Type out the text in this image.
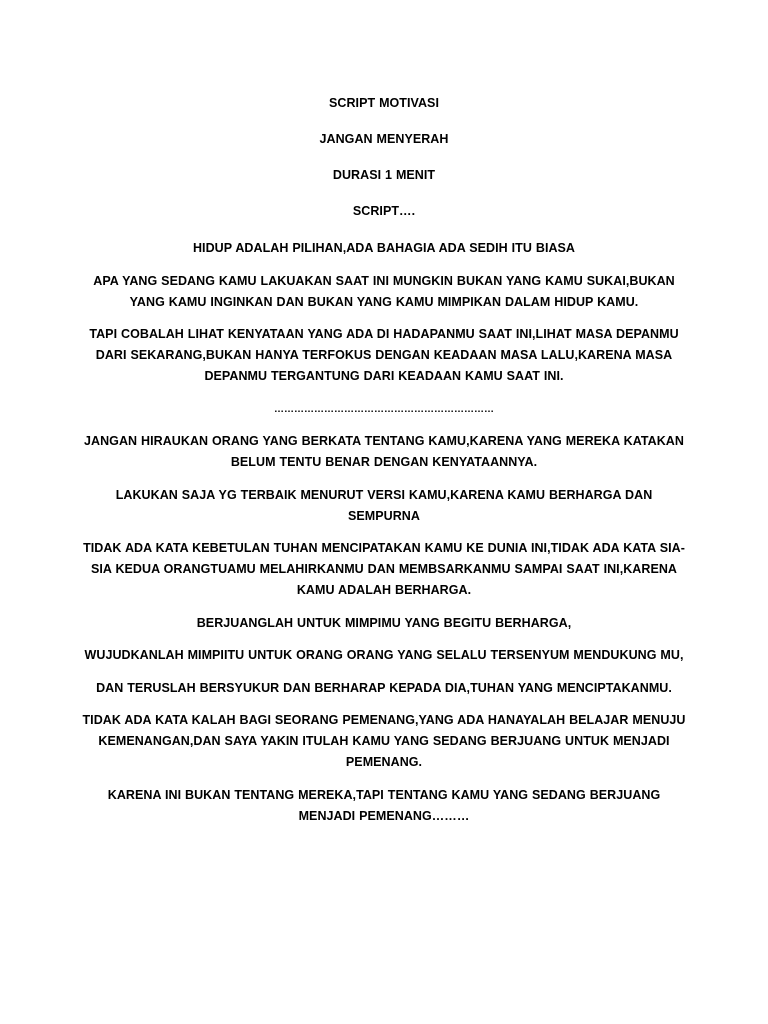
SCRIPT MOTIVASI

JANGAN MENYERAH

DURASI 1 MENIT

SCRIPT….

HIDUP ADALAH PILIHAN,ADA BAHAGIA ADA SEDIH ITU BIASA

APA YANG SEDANG KAMU LAKUAKAN SAAT INI MUNGKIN BUKAN YANG KAMU SUKAI,BUKAN YANG KAMU INGINKAN DAN BUKAN YANG KAMU MIMPIKAN DALAM HIDUP KAMU.

TAPI COBALAH LIHAT KENYATAAN YANG ADA DI HADAPANMU SAAT INI,LIHAT MASA DEPANMU DARI SEKARANG,BUKAN HANYA TERFOKUS DENGAN KEADAAN MASA LALU,KARENA MASA DEPANMU TERGANTUNG DARI KEADAAN KAMU SAAT INI.

…………………………………………………………

JANGAN HIRAUKAN ORANG YANG BERKATA TENTANG KAMU,KARENA YANG MEREKA KATAKAN BELUM TENTU BENAR DENGAN KENYATAANNYA.

LAKUKAN SAJA YG TERBAIK MENURUT VERSI KAMU,KARENA KAMU BERHARGA DAN SEMPURNA

TIDAK ADA KATA KEBETULAN TUHAN MENCIPATAKAN KAMU KE DUNIA INI,TIDAK ADA KATA SIA-SIA KEDUA ORANGTUAMU MELAHIRKANMU DAN MEMBSARKANMU SAMPAI SAAT INI,KARENA KAMU ADALAH BERHARGA.

BERJUANGLAH UNTUK MIMPIMU YANG BEGITU BERHARGA,

WUJUDKANLAH MIMPIITU UNTUK ORANG ORANG YANG SELALU TERSENYUM MENDUKUNG MU,

DAN TERUSLAH BERSYUKUR DAN BERHARAP KEPADA DIA,TUHAN YANG MENCIPTAKANMU.

TIDAK ADA KATA KALAH BAGI SEORANG PEMENANG,YANG ADA HANAYALAH BELAJAR MENUJU KEMENANGAN,DAN SAYA YAKIN ITULAH KAMU YANG SEDANG BERJUANG UNTUK MENJADI PEMENANG.

KARENA INI BUKAN TENTANG MEREKA,TAPI TENTANG KAMU YANG SEDANG BERJUANG MENJADI PEMENANG………
